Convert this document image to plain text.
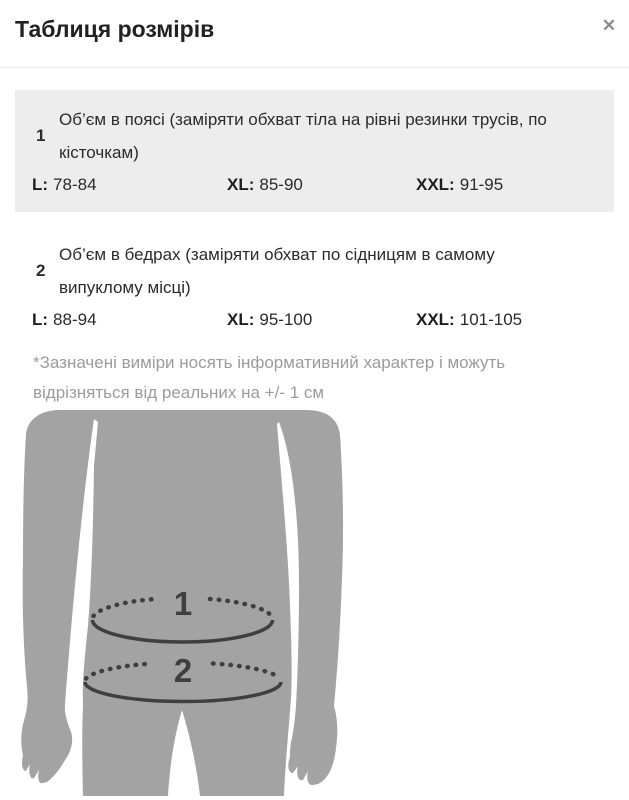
Таблиця розмірів	✕
1
Об’єм в поясі (заміряти обхват тіла на рівні резинки трусів, по
кісточкам)
L: 78-84	XL: 85-90	XXL: 91-95
2
Об’єм в бедрах (заміряти обхват по сідницям в самому
випуклому місці)
L: 88-94	XL: 95-100	XXL: 101-105
*Зазначені виміри носять інформативний характер і можуть
відрізняться від реальних на +/- 1 см
1
2
